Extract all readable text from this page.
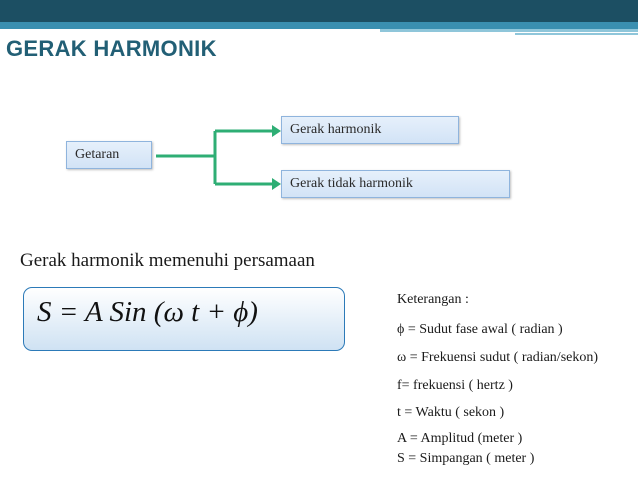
GERAK HARMONIK
Getaran
Gerak harmonik
Gerak tidak harmonik

Gerak harmonik memenuhi persamaan

S = A Sin (ω t + ϕ)	Keterangan :

ϕ = Sudut fase awal ( radian )

ω = Frekuensi sudut ( radian/sekon)

f= frekuensi ( hertz )

t = Waktu ( sekon )

A = Amplitud (meter )

S = Simpangan ( meter )
